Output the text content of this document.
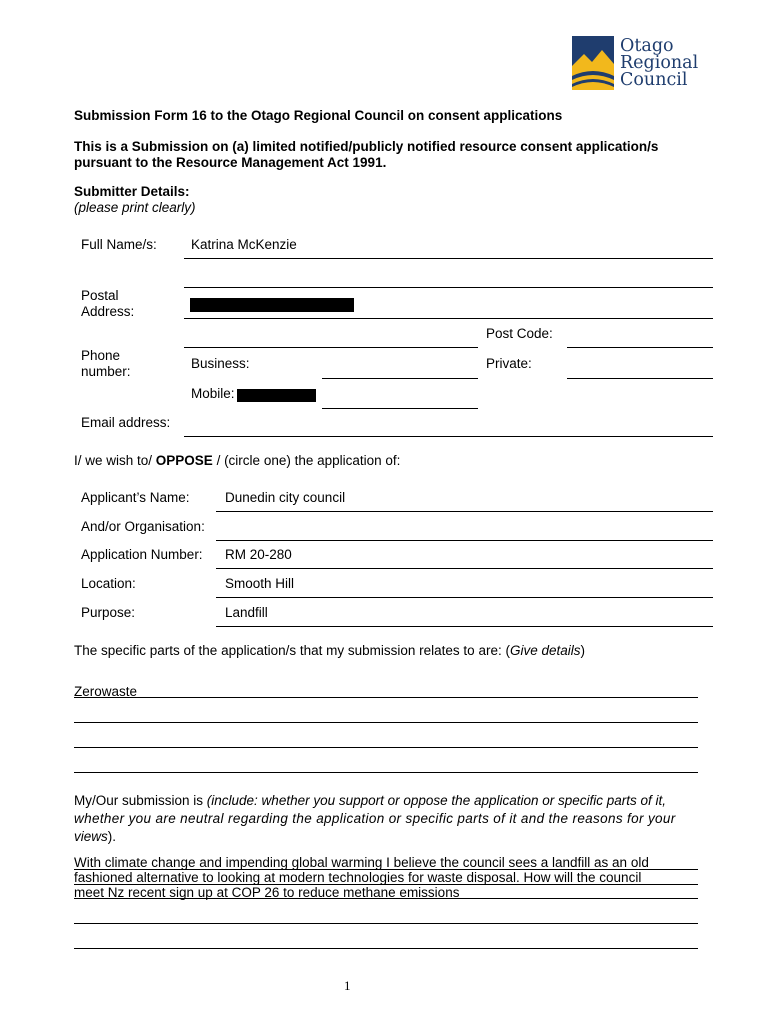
Otago
Regional
Council
Submission Form 16 to the Otago Regional Council on consent applications
This is a Submission on (a) limited notified/publicly notified resource consent application/s
pursuant to the Resource Management Act 1991.
Submitter Details:
(please print clearly)
Full Name/s:	Katrina McKenzie
Postal
Address:
Post Code:
Phone
number:
Business:	Private:
Mobile:
Email address:
I/ we wish to/ OPPOSE / (circle one) the application of:
Applicant’s Name:	Dunedin city council
And/or Organisation:
Application Number: RM 20-280
Location:	Smooth Hill
Purpose:	Landfill
The specific parts of the application/s that my submission relates to are: (Give details)
Zerowaste
My/Our submission is (include: whether you support or oppose the application or specific parts of it,
whether you are neutral regarding the application or specific parts of it and the reasons for your
views).
With climate change and impending global warming I believe the council sees a landfill as an old
fashioned alternative to looking at modern technologies for waste disposal. How will the council
meet Nz recent sign up at COP 26 to reduce methane emissions
1
